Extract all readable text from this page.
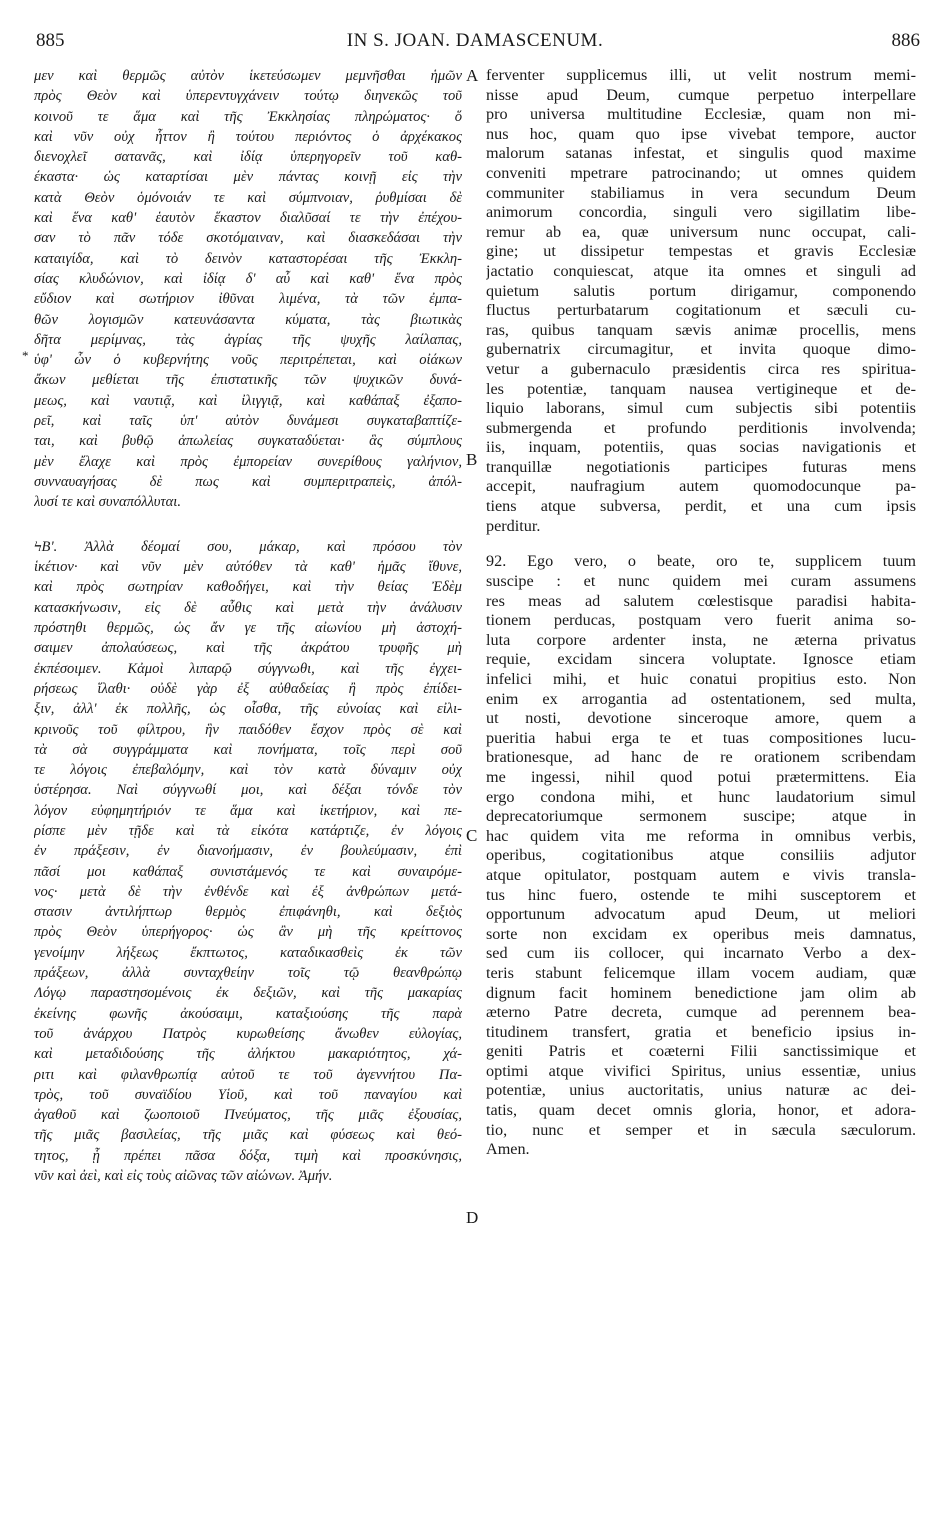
885	IN S. JOAN. DAMASCENUM.	886

μεν καὶ θερμῶς αὐτὸν ἱκετεύσωμεν μεμνῆσθαι ἡμῶν
πρὸς Θεὸν καὶ ὑπερεντυγχάνειν τούτῳ διηνεκῶς τοῦ
κοινοῦ τε ἅμα καὶ τῆς Ἐκκλησίας πληρώματος· ὅ
καὶ νῦν οὐχ ἧττον ἢ τούτου περιόντος ὁ ἀρχέκακος
διενοχλεῖ σατανᾶς, καὶ ἰδίᾳ ὑπερηγορεῖν τοῦ καθ-
έκαστα· ὡς καταρτίσαι μὲν πάντας κοινῇ εἰς τὴν
κατὰ Θεὸν ὁμόνοιάν τε καὶ σύμπνοιαν, ῥυθμίσαι δὲ
καὶ ἕνα καθ' ἑαυτὸν ἕκαστον διαλῦσαί τε τὴν ἐπέχου-
σαν τὸ πᾶν τόδε σκοτόμαιναν, καὶ διασκεδάσαι τὴν
καταιγίδα, καὶ τὸ δεινὸν καταστορέσαι τῆς Ἐκκλη-
σίας κλυδώνιον, καὶ ἰδίᾳ δ' αὖ καὶ καθ' ἕνα πρὸς
εὔδιον καὶ σωτήριον ἰθῦναι λιμένα, τὰ τῶν ἐμπα-
θῶν λογισμῶν κατευνάσαντα κύματα, τὰς βιωτικὰς
δῆτα μερίμνας, τὰς ἀγρίας τῆς ψυχῆς λαίλαπας,
ὑφ' ὧν ὁ κυβερνήτης νοῦς περιτρέπεται, καὶ οἰάκων
ἄκων μεθίεται τῆς ἐπιστατικῆς τῶν ψυχικῶν δυνά-
μεως, καὶ ναυτιᾷ, καὶ ἰλιγγιᾷ, καὶ καθάπαξ ἐξαπο-
ρεῖ, καὶ ταῖς ὑπ' αὐτὸν δυνάμεσι συγκαταβαπτίζε-
ται, καὶ βυθῷ ἀπωλείας συγκαταδύεται· ἃς σύμπλους
μὲν ἔλαχε καὶ πρὸς ἐμπορείαν συνερίθους γαλήνιον,
συνναυαγήσας δὲ πως καὶ συμπεριτραπεὶς, ἀπόλ-
λυσί τε καὶ συναπόλλυται.

ϞΒʹ. Ἀλλὰ δέομαί σου, μάκαρ, καὶ πρόσου τὸν
ἱκέτιον· καὶ νῦν μὲν αὐτόθεν τὰ καθ' ἡμᾶς ἴθυνε,
καὶ πρὸς σωτηρίαν καθοδήγει, καὶ τὴν θείας Ἐδὲμ
κατασκήνωσιν, εἰς δὲ αὖθις καὶ μετὰ τὴν ἀνάλυσιν
πρόστηθι θερμῶς, ὡς ἄν γε τῆς αἰωνίου μὴ ἀστοχή-
σαιμεν ἀπολαύσεως, καὶ τῆς ἀκράτου τρυφῆς μὴ
ἐκπέσοιμεν. Κἀμοὶ λιπαρῷ σύγγνωθι, καὶ τῆς ἐγχει-
ρήσεως ἵλαθι· οὐδὲ γὰρ ἐξ αὐθαδείας ἢ πρὸς ἐπίδει-
ξιν, ἀλλ' ἐκ πολλῆς, ὡς οἶσθα, τῆς εὐνοίας καὶ εἰλι-
κρινοῦς τοῦ φίλτρου, ἣν παιδόθεν ἔσχον πρὸς σὲ καὶ
τὰ σὰ συγγράμματα καὶ πονήματα, τοῖς περὶ σοῦ
τε λόγοις ἐπεβαλόμην, καὶ τὸν κατὰ δύναμιν οὐχ
ὑστέρησα. Ναὶ σύγγνωθί μοι, καὶ δέξαι τόνδε τὸν
λόγον εὐφημητήριόν τε ἅμα καὶ ἱκετήριον, καὶ πε-
ρίσπε μὲν τῇδε καὶ τὰ εἰκότα κατάρτιζε, ἐν λόγοις
ἐν πράξεσιν, ἐν διανοήμασιν, ἐν βουλεύμασιν, ἐπὶ
πᾶσί μοι καθάπαξ συνιστάμενός τε καὶ συναιρόμε-
νος· μετὰ δὲ τὴν ἐνθένδε καὶ ἐξ ἀνθρώπων μετά-
στασιν ἀντιλήπτωρ θερμὸς ἐπιφάνηθι, καὶ δεξιὸς
πρὸς Θεὸν ὑπερήγορος· ὡς ἂν μὴ τῆς κρείττονος
γενοίμην λήξεως ἔκπτωτος, καταδικασθεὶς ἐκ τῶν
πράξεων, ἀλλὰ συνταχθείην τοῖς τῷ θεανθρώπῳ
Λόγῳ παραστησομένοις ἐκ δεξιῶν, καὶ τῆς μακαρίας
ἐκείνης φωνῆς ἀκούσαιμι, καταξιούσης τῆς παρὰ
τοῦ ἀνάρχου Πατρὸς κυρωθείσης ἄνωθεν εὐλογίας,
καὶ μεταδιδούσης τῆς ἀλήκτου μακαριότητος, χά-
ριτι καὶ φιλανθρωπίᾳ αὐτοῦ τε τοῦ ἀγεννήτου Πα-
τρὸς, τοῦ συναϊδίου Υἱοῦ, καὶ τοῦ παναγίου καὶ
ἀγαθοῦ καὶ ζωοποιοῦ Πνεύματος, τῆς μιᾶς ἐξουσίας,
τῆς μιᾶς βασιλείας, τῆς μιᾶς καὶ φύσεως καὶ θεό-
τητος, ᾗ πρέπει πᾶσα δόξα, τιμὴ καὶ προσκύνησις,
νῦν καὶ ἀεὶ, καὶ εἰς τοὺς αἰῶνας τῶν αἰώνων. Ἀμήν.

ferventer supplicemus illi, ut velit nostrum memi-
nisse apud Deum, cumque perpetuo interpellare
pro universa multitudine Ecclesiæ, quam non mi-
nus hoc, quam quo ipse vivebat tempore, auctor
malorum satanas infestat, et singulis quod maxime
conveniti mpetrare patrocinando; ut omnes quidem
communiter stabiliamus in vera secundum Deum
animorum concordia, singuli vero sigillatim libe-
remur ab ea, quæ universum nunc occupat, cali-
gine; ut dissipetur tempestas et gravis Ecclesiæ
jactatio conquiescat, atque ita omnes et singuli ad
quietum salutis portum dirigamur, componendo
fluctus perturbatarum cogitationum et sæculi cu-
ras, quibus tanquam sævis animæ procellis, mens
gubernatrix circumagitur, et invita quoque dimo-
vetur a gubernaculo præsidentis circa res spiritua-
les potentiæ, tanquam nausea vertigineque et de-
liquio laborans, simul cum subjectis sibi potentiis
submergenda et profundo perditionis involvenda;
iis, inquam, potentiis, quas socias navigationis et
tranquillæ negotiationis participes futuras mens
accepit, naufragium autem quomodocunque pa-
tiens atque subversa, perdit, et una cum ipsis
perditur.

92. Ego vero, o beate, oro te, supplicem tuum
suscipe : et nunc quidem mei curam assumens
res meas ad salutem cœlestisque paradisi habita-
tionem perducas, postquam vero fuerit anima so-
luta corpore ardenter insta, ne æterna privatus
requie, excidam sincera voluptate. Ignosce etiam
infelici mihi, et huic conatui propitius esto. Non
enim ex arrogantia ad ostentationem, sed multa,
ut nosti, devotione sinceroque amore, quem a
pueritia habui erga te et tuas compositiones lucu-
brationesque, ad hanc de re orationem scribendam
me ingessi, nihil quod potui prætermittens. Eia
ergo condona mihi, et hunc laudatorium simul
deprecatoriumque sermonem suscipe; atque in
hac quidem vita me reforma in omnibus verbis,
operibus, cogitationibus atque consiliis adjutor
atque opitulator, postquam autem e vivis transla-
tus hinc fuero, ostende te mihi susceptorem et
opportunum advocatum apud Deum, ut meliori
sorte non excidam ex operibus meis damnatus,
sed cum iis collocer, qui incarnato Verbo a dex-
teris stabunt felicemque illam vocem audiam, quæ
dignum facit hominem benedictione jam olim ab
æterno Patre decreta, cumque ad perennem bea-
titudinem transfert, gratia et beneficio ipsius in-
geniti Patris et coæterni Filii sanctissimique et
optimi atque vivifici Spiritus, unius essentiæ, unius
potentiæ, unius auctoritatis, unius naturæ ac dei-
tatis, quam decet omnis gloria, honor, et adora-
tio, nunc et semper et in sæcula sæculorum.
Amen.

A
B
C
D
*
